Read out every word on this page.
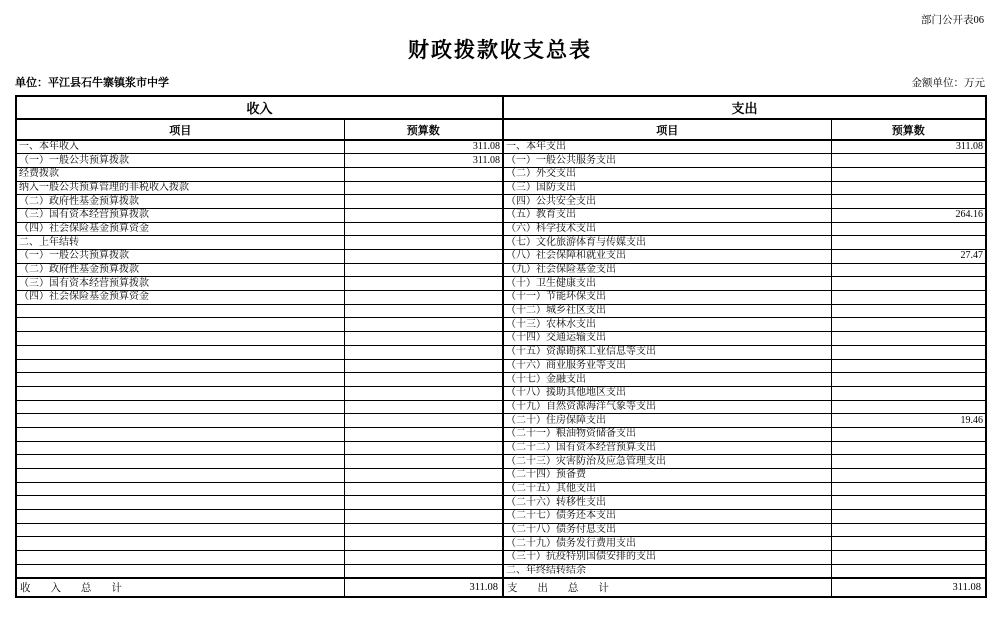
部门公开表06
财政拨款收支总表
单位：平江县石牛寨镇浆市中学	金额单位：万元
收入		支出	
项目	预算数	项目	预算数
一、本年收入	311.08	一、本年支出	311.08
（一）一般公共预算拨款	311.08	（一）一般公共服务支出	
经费拨款		（二）外交支出	
纳入一般公共预算管理的非税收入拨款		（三）国防支出	
（二）政府性基金预算拨款		（四）公共安全支出	
（三）国有资本经营预算拨款		（五）教育支出	264.16
（四）社会保险基金预算资金		（六）科学技术支出	
二、上年结转		（七）文化旅游体育与传媒支出	
（一）一般公共预算拨款		（八）社会保障和就业支出	27.47
（二）政府性基金预算拨款		（九）社会保险基金支出	
（三）国有资本经营预算拨款		（十）卫生健康支出	
（四）社会保险基金预算资金		（十一）节能环保支出	
		（十二）城乡社区支出	
		（十三）农林水支出	
		（十四）交通运输支出	
		（十五）资源勘探工业信息等支出	
		（十六）商业服务业等支出	
		（十七）金融支出	
		（十八）援助其他地区支出	
		（十九）自然资源海洋气象等支出	
		（二十）住房保障支出	19.46
		（二十一）粮油物资储备支出	
		（二十二）国有资本经营预算支出	
		（二十三）灾害防治及应急管理支出	
		（二十四）预备费	
		（二十五）其他支出	
		（二十六）转移性支出	
		（二十七）债务还本支出	
		（二十八）债务付息支出	
		（二十九）债务发行费用支出	
		（三十）抗疫特别国债安排的支出	
		二、年终结转结余	
收入总计	311.08	支出总计	311.08
